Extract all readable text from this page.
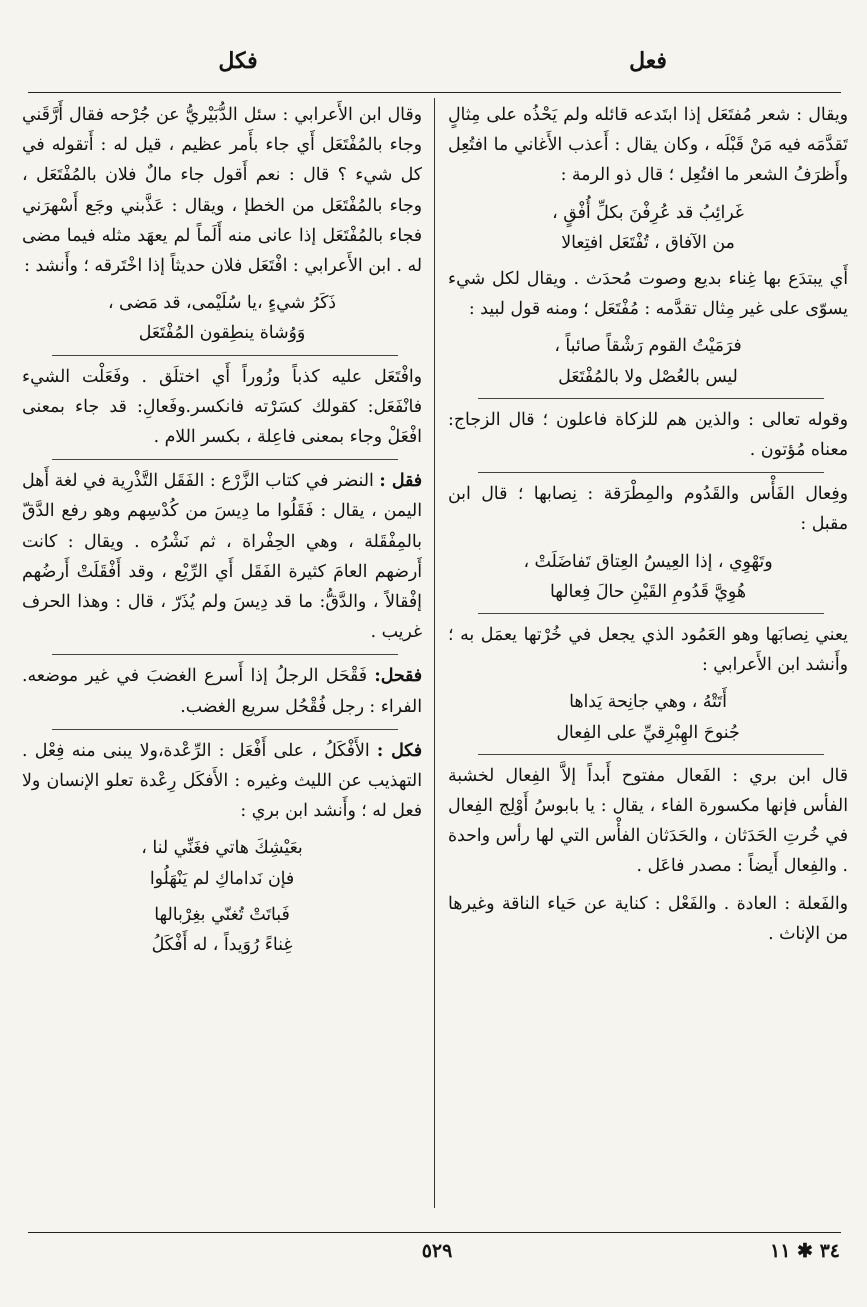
فعل
فكل

ويقال : شعر مُفتَعَل إذا ابتَدعه قائله ولم يَحْذُه على مِثالٍ تَقدَّمَه فيه مَنْ قَبْلَه ، وكان يقال : أَعذب الأَغاني ما افتُعِل وأَظرَفُ الشعر ما افتُعِل ؛ قال ذو الرمة :

غَرائِبُ قد عُرِفْنَ بكلِّ أُفْقٍ ،
من الآفاق ، تُفْتَعَل افتِعالا

أَي يبتدَع بها غِناء بديع وصوت مُحدَث . ويقال لكل شيء يسوّى على غير مِثال تقدَّمه : مُفْتَعَل ؛ ومنه قول لبيد :

فرَمَيْتُ القوم رَشْقاً صائباً ،
ليس بالعُصْل ولا بالمُفْتَعَل

وقوله تعالى : والذين هم للزكاة فاعلون ؛ قال الزجاج: معناه مُؤتون .

وفِعال الفَأْس والقَدُوم والمِطْرَقة : نِصابها ؛ قال ابن مقبل :

وتَهْوِي ، إذا العِيسُ العِتاق تَفاضَلَتْ ،
هُوِيَّ قَدُومِ القَيْنِ حالَ فِعالها

يعني نِصابَها وهو العَمُود الذي يجعل في خُرْتها يعمَل به ؛ وأَنشد ابن الأَعرابي :

أَتَتْهُ ، وهي جانِحة يَداها
جُنوحَ الهِبْرِقيِّ على الفِعال

قال ابن بري : الفَعال مفتوح أَبداً إلاَّ الفِعال لخشبة الفأس فإنها مكسورة الفاء ، يقال : يا بابوسُ أَوْلِج الفِعال في خُرتِ الحَدَثان ، والحَدَثان الفأْس التي لها رأس واحدة . والفِعال أَيضاً : مصدر فاعَل .

والفَعلة : العادة . والفَعْل : كناية عن حَياء الناقة وغيرها من الإناث .

وقال ابن الأَعرابي : سئل الدُّبَيْريُّ عن جُرْحه فقال أَرَّقَني وجاء بالمُفْتَعَل أَي جاء بأَمر عظيم ، قيل له : أَتقوله في كل شيء ؟ قال : نعم أَقول جاء مالٌ فلان بالمُفْتَعَل ، وجاء بالمُفْتَعَل من الخطإ ، ويقال : عَذَّبني وجَع أَسْهرَني فجاء بالمُفْتَعَل إذا عانى منه أَلَماً لم يعهَد مثله فيما مضى له . ابن الأَعرابي : افْتَعَل فلان حديثاً إذا اخْتَرقه ؛ وأَنشد :

ذَكَرُ شيءٍ ،يا سُلَيْمى، قد مَضى ،
وَوُشاة ينطِقون المُفْتَعَل

وافْتَعَل عليه كذباً وزُوراً أَي اختلَق . وفَعَلْت الشيء فانْفَعَل: كقولك كسَرْته فانكسر.وفَعالِ: قد جاء بمعنى افْعَلْ وجاء بمعنى فاعِلة ، بكسر اللام .

فقل : النضر في كتاب الزَّرْع : الفَقَل التَّذْرِية في لغة أَهل اليمن ، يقال : فَقَلُوا ما دِيسَ من كُدْسِهم وهو رفع الدَّقّ بالمِفْقَلة ، وهي الحِفْراة ، ثم نَشْرُه . ويقال : كانت أَرضهم العامَ كثيرة الفَقَل أَي الرِّيْع ، وقد أَفْقَلَتْ أَرضُهم إفْقالاً ، والدَّقُّ: ما قد دِيسَ ولم يُذَرّ ، قال : وهذا الحرف غريب .

فقحل: فَقْحَل الرجلُ إذا أَسرع الغضبَ في غير موضعه. الفراء : رجل فُقْحُل سريع الغضب.

فكل : الأَفْكَلُ ، على أَفْعَل : الرِّعْدة،ولا يبنى منه فِعْل . التهذيب عن الليث وغيره : الأَفكَل رِعْدة تعلو الإنسان ولا فعل له ؛ وأَنشد ابن بري :

بعَيْشِكَ هاتي فغَنِّي لنا ،
فإن نَداماكِ لم يَنْهَلُوا
فَباتَتْ تُغنّي بغِرْبالها
غِناءً رُوَيداً ، له أَفْكَلُ
٥٢٩	٣٤ ✱ ١١
